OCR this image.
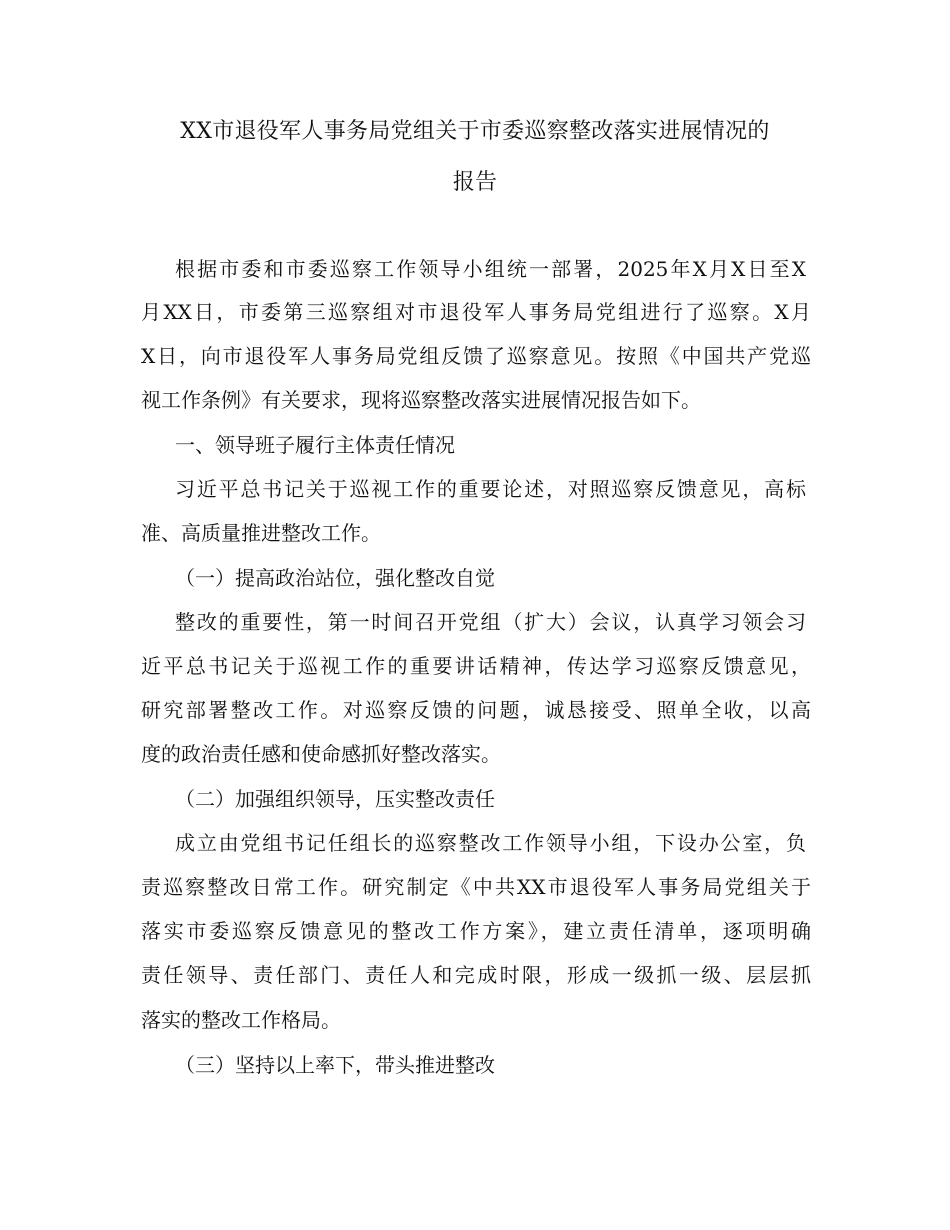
XX市退役军人事务局党组关于市委巡察整改落实进展情况的
报告
根据市委和市委巡察工作领导小组统一部署，2025年X月X日至X
月XX日，市委第三巡察组对市退役军人事务局党组进行了巡察。X月
X日，向市退役军人事务局党组反馈了巡察意见。按照《中国共产党巡
视工作条例》有关要求，现将巡察整改落实进展情况报告如下。
一、领导班子履行主体责任情况
习近平总书记关于巡视工作的重要论述，对照巡察反馈意见，高标
准、高质量推进整改工作。
（一）提高政治站位，强化整改自觉
整改的重要性，第一时间召开党组（扩大）会议，认真学习领会习
近平总书记关于巡视工作的重要讲话精神，传达学习巡察反馈意见，
研究部署整改工作。对巡察反馈的问题，诚恳接受、照单全收，以高
度的政治责任感和使命感抓好整改落实。
（二）加强组织领导，压实整改责任
成立由党组书记任组长的巡察整改工作领导小组，下设办公室，负
责巡察整改日常工作。研究制定《中共XX市退役军人事务局党组关于
落实市委巡察反馈意见的整改工作方案》，建立责任清单，逐项明确
责任领导、责任部门、责任人和完成时限，形成一级抓一级、层层抓
落实的整改工作格局。
（三）坚持以上率下，带头推进整改
